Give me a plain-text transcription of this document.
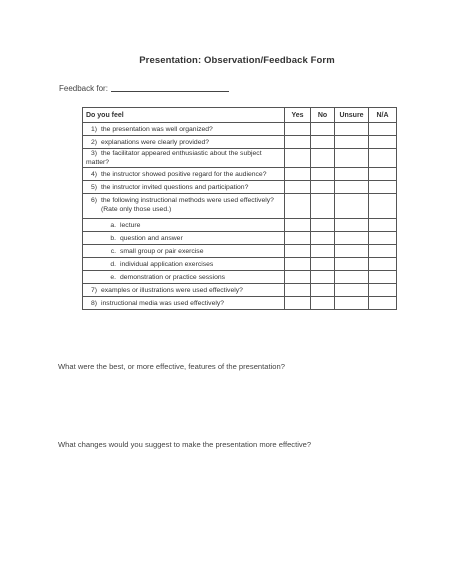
Presentation: Observation/Feedback Form
Feedback for:
Do you feel	Yes	No	Unsure	N/A
1) the presentation was well organized?				
2) explanations were clearly provided?				
3) the facilitator appeared enthusiastic about the subject matter?				
4) the instructor showed positive regard for the audience?				
5) the instructor invited questions and participation?				

6) the following instructional methods were used effectively? (Rate only those used.)				

a. lecture				
b. question and answer				
c. small group or pair exercise				
d. individual application exercises				
e. demonstration or practice sessions				
7) examples or illustrations were used effectively?				
8) instructional media was used effectively?				
What were the best, or more effective, features of the presentation?
What changes would you suggest to make the presentation more effective?
